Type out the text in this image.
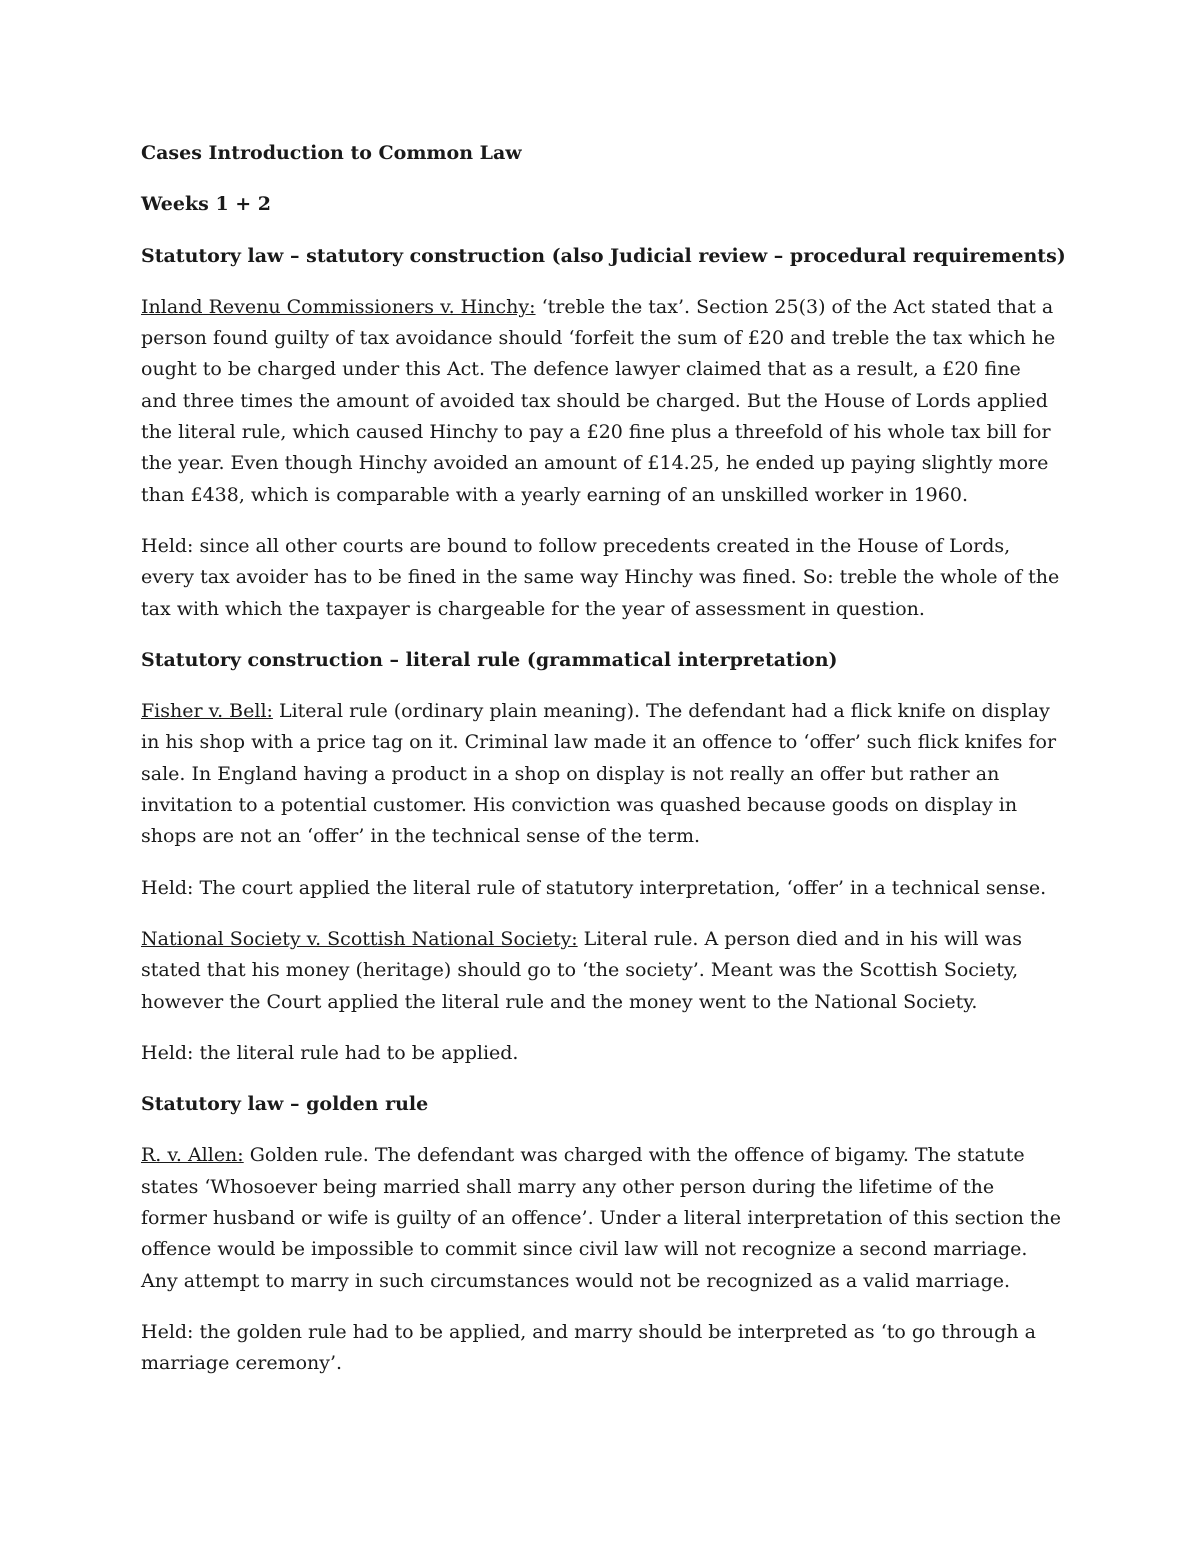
Cases Introduction to Common Law
Weeks 1 + 2
Statutory law – statutory construction (also Judicial review – procedural requirements)
Inland Revenu Commissioners v. Hinchy: ‘treble the tax’. Section 25(3) of the Act stated that a person found guilty of tax avoidance should ‘forfeit the sum of £20 and treble the tax which he ought to be charged under this Act. The defence lawyer claimed that as a result, a £20 fine and three times the amount of avoided tax should be charged. But the House of Lords applied the literal rule, which caused Hinchy to pay a £20 fine plus a threefold of his whole tax bill for the year. Even though Hinchy avoided an amount of £14.25, he ended up paying slightly more than £438, which is comparable with a yearly earning of an unskilled worker in 1960.
Held: since all other courts are bound to follow precedents created in the House of Lords, every tax avoider has to be fined in the same way Hinchy was fined. So: treble the whole of the tax with which the taxpayer is chargeable for the year of assessment in question.
Statutory construction – literal rule (grammatical interpretation)
Fisher v. Bell: Literal rule (ordinary plain meaning). The defendant had a flick knife on display in his shop with a price tag on it. Criminal law made it an offence to ‘offer’ such flick knifes for sale. In England having a product in a shop on display is not really an offer but rather an invitation to a potential customer. His conviction was quashed because goods on display in shops are not an ‘offer’ in the technical sense of the term.
Held: The court applied the literal rule of statutory interpretation, ‘offer’ in a technical sense.
National Society v. Scottish National Society: Literal rule. A person died and in his will was stated that his money (heritage) should go to ‘the society’. Meant was the Scottish Society, however the Court applied the literal rule and the money went to the National Society.
Held: the literal rule had to be applied.
Statutory law – golden rule
R. v. Allen: Golden rule. The defendant was charged with the offence of bigamy. The statute states ‘Whosoever being married shall marry any other person during the lifetime of the former husband or wife is guilty of an offence’. Under a literal interpretation of this section the offence would be impossible to commit since civil law will not recognize a second marriage. Any attempt to marry in such circumstances would not be recognized as a valid marriage.
Held: the golden rule had to be applied, and marry should be interpreted as ‘to go through a marriage ceremony’.
